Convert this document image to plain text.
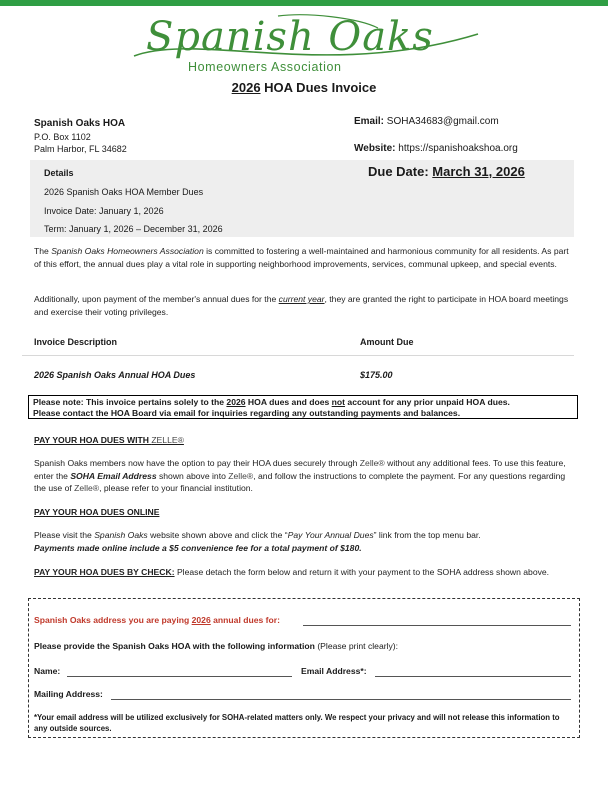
Spanish Oaks
Homeowners Association
2026 HOA Dues Invoice
Spanish Oaks HOA
P.O. Box 1102
Palm Harbor, FL 34682
Email: SOHA34683@gmail.com
Website: https://spanishoakshoa.org
Details
2026 Spanish Oaks HOA Member Dues
Invoice Date: January 1, 2026
Term: January 1, 2026 – December 31, 2026
Due Date: March 31, 2026
The Spanish Oaks Homeowners Association is committed to fostering a well-maintained and harmonious community for all residents. As part of this effort, the annual dues play a vital role in supporting neighborhood improvements, services, communal upkeep, and special events.
Additionally, upon payment of the member's annual dues for the current year, they are granted the right to participate in HOA board meetings and exercise their voting privileges.
Invoice Description	Amount Due
2026 Spanish Oaks Annual HOA Dues	$175.00
Please note: This invoice pertains solely to the 2026 HOA dues and does not account for any prior unpaid HOA dues.
Please contact the HOA Board via email for inquiries regarding any outstanding payments and balances.
PAY YOUR HOA DUES WITH ZELLE®
Spanish Oaks members now have the option to pay their HOA dues securely through Zelle® without any additional fees. To use this feature, enter the SOHA Email Address shown above into Zelle®, and follow the instructions to complete the payment. For any questions regarding the use of Zelle®, please refer to your financial institution.
PAY YOUR HOA DUES ONLINE
Please visit the Spanish Oaks website shown above and click the “Pay Your Annual Dues” link from the top menu bar.
Payments made online include a $5 convenience fee for a total payment of $180.
PAY YOUR HOA DUES BY CHECK: Please detach the form below and return it with your payment to the SOHA address shown above.
Spanish Oaks address you are paying 2026 annual dues for:
Please provide the Spanish Oaks HOA with the following information (Please print clearly):
Name:	Email Address*:
Mailing Address:
*Your email address will be utilized exclusively for SOHA-related matters only. We respect your privacy and will not release this information to any outside sources.
